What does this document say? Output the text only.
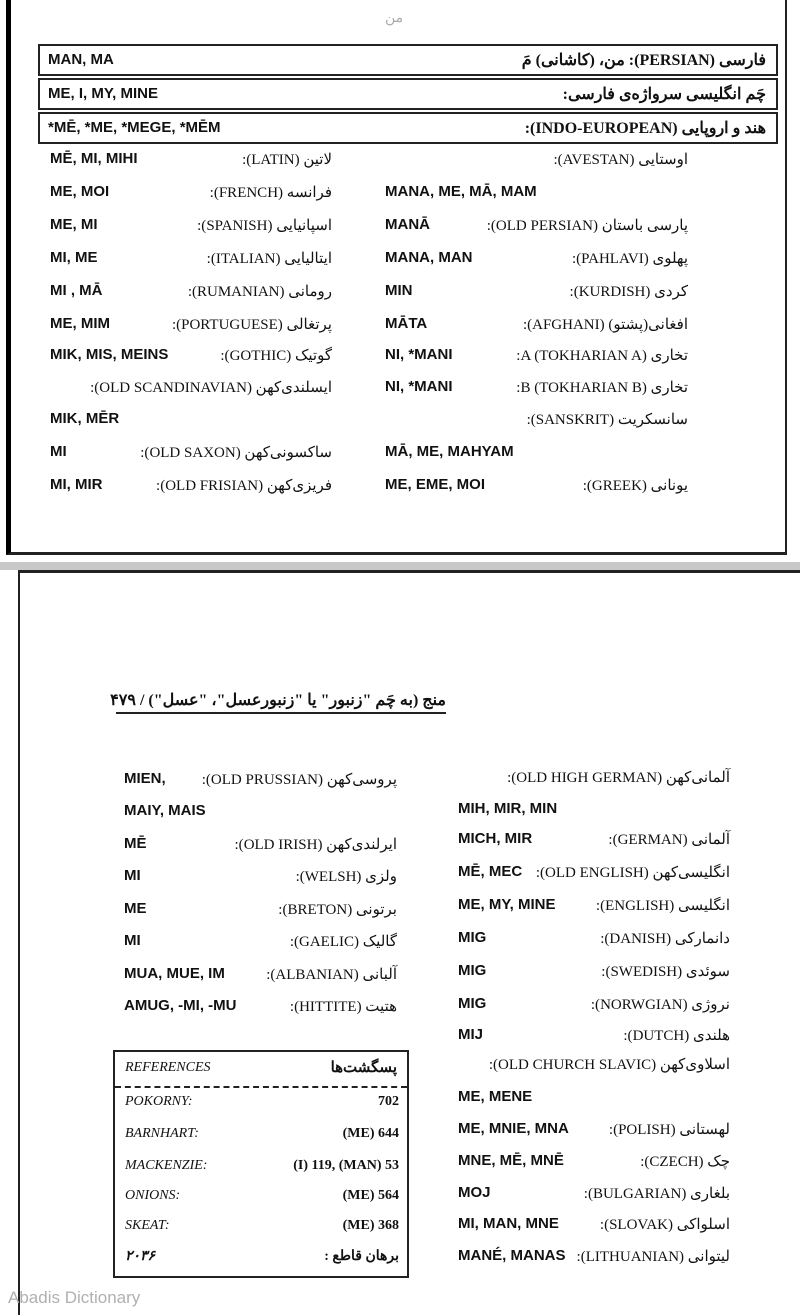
من
MAN, MA	فارسی (PERSIAN): من، (کاشانی) مَ
ME, I, MY, MINE	چَم انگلیسی سرواژه‌ی فارسی:
*MĒ, *ME, *MEGE, *MĒM	هند و اروپایی (INDO-EUROPEAN):
MĒ, MI, MIHI	لاتین (LATIN):
ME, MOI	فرانسه (FRENCH):
ME, MI	اسپانیایی (SPANISH):
MI, ME	ایتالیایی (ITALIAN):
MI , MĀ	رومانی (RUMANIAN):
ME, MIM	پرتغالی (PORTUGUESE):
MIK, MIS, MEINS	گوتیک (GOTHIC):
ایسلندی‌کهن (OLD SCANDINAVIAN):
MIK, MĒR
MI	ساکسونی‌کهن (OLD SAXON):
MI, MIR	فریزی‌کهن (OLD FRISIAN):
اوستایی (AVESTAN):
MANA, ME, MĀ, MAM
MANĀ	پارسی باستان (OLD PERSIAN):
MANA, MAN	پهلوی (PAHLAVI):
MIN	کردی (KURDISH):
MĀTA	افغانی(پشتو) (AFGHANI):
NI, *MANI	تخاری A (TOKHARIAN A):
NI, *MANI	تخاری B (TOKHARIAN B):
سانسکریت (SANSKRIT):
MĀ, ME, MAHYAM
ME, EME, MOI	یونانی (GREEK):
منج (به چَم "زنبور" یا "زنبورعسل"، "عسل") / ۴۷۹
MIEN, پروسی‌کهن (OLD PRUSSIAN):
MAIY, MAIS
MĒ	ایرلندی‌کهن (OLD IRISH):
MI	ولزی (WELSH):
ME	برتونی (BRETON):
MI	گالیک (GAELIC):
MUA, MUE, IM	آلبانی (ALBANIAN):
AMUG, -MI, -MU	هتیت (HITTITE):
آلمانی‌کهن (OLD HIGH GERMAN):
MIH, MIR, MIN
MICH, MIR	آلمانی (GERMAN):
MĒ, MEC انگلیسی‌کهن (OLD ENGLISH):
ME, MY, MINE	انگلیسی (ENGLISH):
MIG	دانمارکی (DANISH):
MIG	سوئدی (SWEDISH):
MIG	نروژی (NORWGIAN):
MIJ	هلندی (DUTCH):
اسلاوی‌کهن (OLD CHURCH SLAVIC):
ME, MENE
ME, MNIE, MNA	لهستانی (POLISH):
MNE, MĒ, MNĒ	چک (CZECH):
MOJ	بلغاری (BULGARIAN):
MI, MAN, MNE	اسلواکی (SLOVAK):
MANÉ, MANAS لیتوانی (LITHUANIAN):
REFERENCES	پسگشت‌ها
POKORNY:	702
BARNHART:	(ME) 644
MACKENZIE:	(I) 119, (MAN) 53
ONIONS:	(ME) 564
SKEAT:	(ME) 368
برهان قاطع :
۲۰۳۶
Abadis Dictionary
